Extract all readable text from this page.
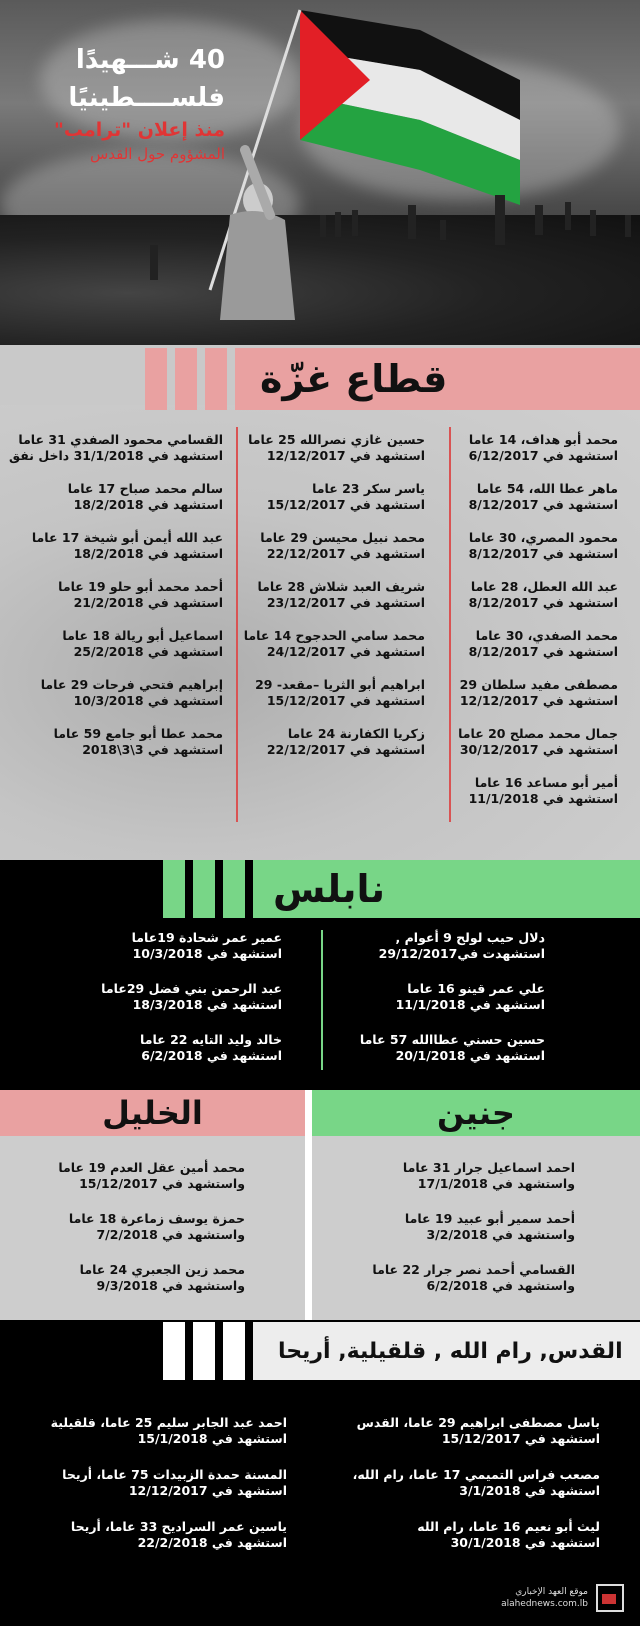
40 شـــهيدًا
فلســــطينيًا
منذ إعلان "ترامب"
المشؤوم حول القدس
قطاع غزّة
محمد أبو هداف، 14 عاما
استشهد في 6/12/2017
ماهر عطا الله، 54 عاما
استشهد في 8/12/2017
محمود المصري، 30 عاما
استشهد في 8/12/2017
عبد الله العطل، 28 عاما
استشهد في 8/12/2017
محمد الصفدي، 30 عاما
استشهد في 8/12/2017
مصطفى مفيد سلطان 29
استشهد في 12/12/2017
جمال محمد مصلح 20 عاما
استشهد في 30/12/2017
أمير أبو مساعد 16 عاما
استشهد في 11/1/2018
حسين غازي نصرالله 25 عاما
استشهد في 12/12/2017
ياسر سكر 23 عاما
استشهد في 15/12/2017
محمد نبيل محيسن 29 عاما
استشهد في 22/12/2017
شريف العبد شلاش 28 عاما
استشهد في 23/12/2017
محمد سامي الحدجوح 14 عاما
استشهد في 24/12/2017
ابراهيم أبو الثريا –مقعد- 29
استشهد في 15/12/2017
زكريا الكفارنة 24 عاما
استشهد في 22/12/2017
القسامي محمود الصفدي 31 عاما
استشهد في 31/1/2018 داخل نفق
سالم محمد صباح 17 عاما
استشهد في 18/2/2018
عبد الله أيمن أبو شيخة 17 عاما
استشهد في 18/2/2018
أحمد محمد أبو حلو 19 عاما
استشهد في 21/2/2018
اسماعيل أبو ريالة 18 عاما
استشهد في 25/2/2018
إبراهيم فتحي فرحات 29 عاما
استشهد في 10/3/2018
محمد عطا أبو جامع 59 عاما
استشهد في 3\3\2018
نابلس
دلال حيب لولح 9 أعوام ,
استشهدت في29/12/2017
علي عمر قينو 16 عاما
استشهد في 11/1/2018
حسين حسني عطاالله 57 عاما
استشهد في 20/1/2018
عمير عمر شحادة 19عاما
استشهد في 10/3/2018
عبد الرحمن بني فضل 29عاما
استشهد في 18/3/2018
خالد وليد التايه 22 عاما
استشهد في 6/2/2018
جنين
احمد اسماعيل جرار 31 عاما
واستشهد في 17/1/2018
أحمد سمير أبو عبيد 19 عاما
واستشهد في 3/2/2018
القسامي أحمد نصر جرار 22 عاما
واستشهد في 6/2/2018
الخليل
محمد أمين عقل العدم 19 عاما
واستشهد في 15/12/2017
حمزة يوسف زماعرة 18 عاما
واستشهد في 7/2/2018
محمد زين الجعبري 24 عاما
واستشهد في 9/3/2018
القدس, رام الله , قلقيلية, أريحا
باسل مصطفى ابراهيم 29 عاما، القدس
استشهد في 15/12/2017
مصعب فراس التميمي 17 عاما، رام الله،
استشهد في 3/1/2018
ليث أبو نعيم 16 عاما، رام الله
استشهد في 30/1/2018
احمد عبد الجابر سليم 25 عاما، قلقيلية
استشهد في 15/1/2018
المسنة حمدة الزبيدات 75 عاما، أريحا
استشهد في 12/12/2017
ياسين عمر السراديح 33 عاما، أريحا
استشهد في 22/2/2018
موقع العهد الإخباري
alahednews.com.lb
